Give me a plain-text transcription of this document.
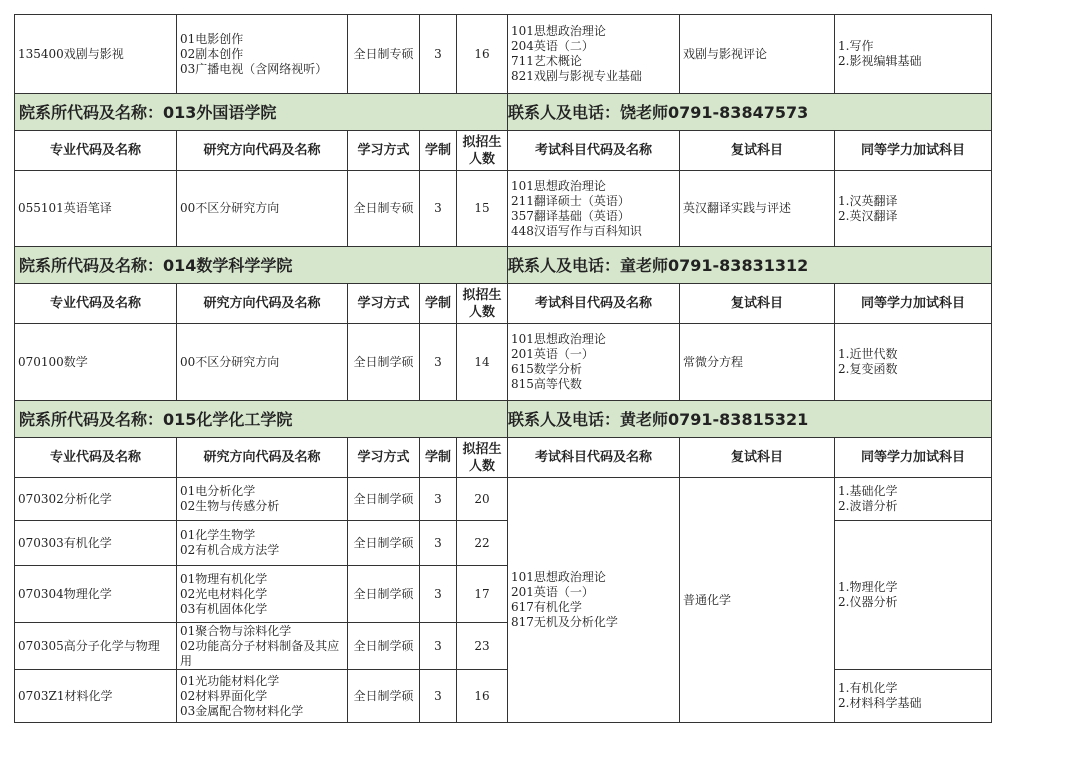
135400戏剧与影视	01电影创作
02剧本创作
03广播电视（含网络视听）	全日制专硕	3	16	101思想政治理论
204英语（二）
711艺术概论
821戏剧与影视专业基础	戏剧与影视评论	1.写作
2.影视编辑基础

院系所代码及名称：013外国语学院					联系人及电话：饶老师0791-83847573		
专业代码及名称	研究方向代码及名称	学习方式	学制	拟招生人数	考试科目代码及名称	复试科目	同等学力加试科目
055101英语笔译	00不区分研究方向	全日制专硕	3	15	101思想政治理论
211翻译硕士（英语）
357翻译基础（英语）
448汉语写作与百科知识	英汉翻译实践与评述	1.汉英翻译
2.英汉翻译

院系所代码及名称：014数学科学学院					联系人及电话：童老师0791-83831312		
专业代码及名称	研究方向代码及名称	学习方式	学制	拟招生人数	考试科目代码及名称	复试科目	同等学力加试科目
070100数学	00不区分研究方向	全日制学硕	3	14	101思想政治理论
201英语（一）
615数学分析
815高等代数	常微分方程	1.近世代数
2.复变函数

院系所代码及名称：015化学化工学院					联系人及电话：黄老师0791-83815321		
专业代码及名称	研究方向代码及名称	学习方式	学制	拟招生人数	考试科目代码及名称	复试科目	同等学力加试科目
070302分析化学	01电分析化学
02生物与传感分析	全日制学硕	3	20	101思想政治理论
201英语（一）
617有机化学
817无机及分析化学	普通化学	1.基础化学
2.波谱分析

070303有机化学	01化学生物学
02有机合成方法学	全日制学硕	3	22			1.物理化学
2.仪器分析

070304物理化学	01物理有机化学
02光电材料化学
03有机固体化学	全日制学硕	3	17			
070305高分子化学与物理	01聚合物与涂料化学
02功能高分子材料制备及其应用	全日制学硕	3	23			
0703Z1材料化学	01光功能材料化学
02材料界面化学
03金属配合物材料化学	全日制学硕	3	16			1.有机化学
2.材料科学基础
